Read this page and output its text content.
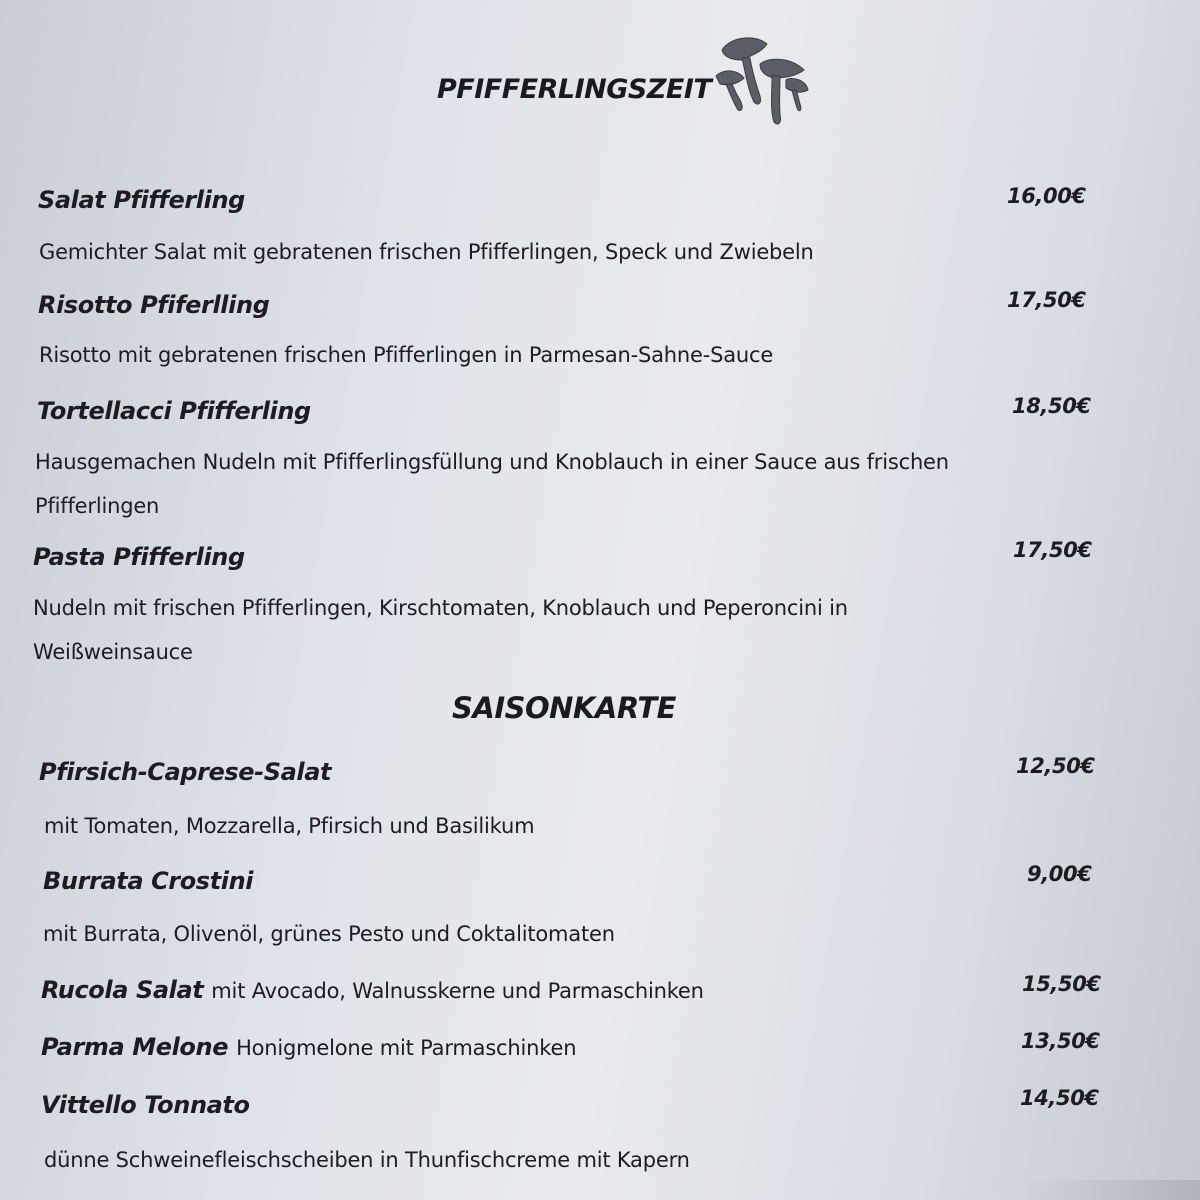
PFIFFERLINGSZEIT
Salat Pfifferling	16,00€
Gemichter Salat mit gebratenen frischen Pfifferlingen, Speck und Zwiebeln
Risotto Pfiferlling	17,50€
Risotto mit gebratenen frischen Pfifferlingen in Parmesan-Sahne-Sauce
Tortellacci Pfifferling	18,50€
Hausgemachen Nudeln mit Pfifferlingsfüllung und Knoblauch in einer Sauce aus frischen
Pfifferlingen
Pasta Pfifferling	17,50€
Nudeln mit frischen Pfifferlingen, Kirschtomaten, Knoblauch und Peperoncini in
Weißweinsauce
SAISONKARTE
Pfirsich-Caprese-Salat	12,50€
mit Tomaten, Mozzarella, Pfirsich und Basilikum
Burrata Crostini	9,00€
mit Burrata, Olivenöl, grünes Pesto und Coktalitomaten
Rucola Salat mit Avocado, Walnusskerne und Parmaschinken	15,50€
Parma Melone Honigmelone mit Parmaschinken	13,50€
Vittello Tonnato	14,50€
dünne Schweinefleischscheiben in Thunfischcreme mit Kapern
